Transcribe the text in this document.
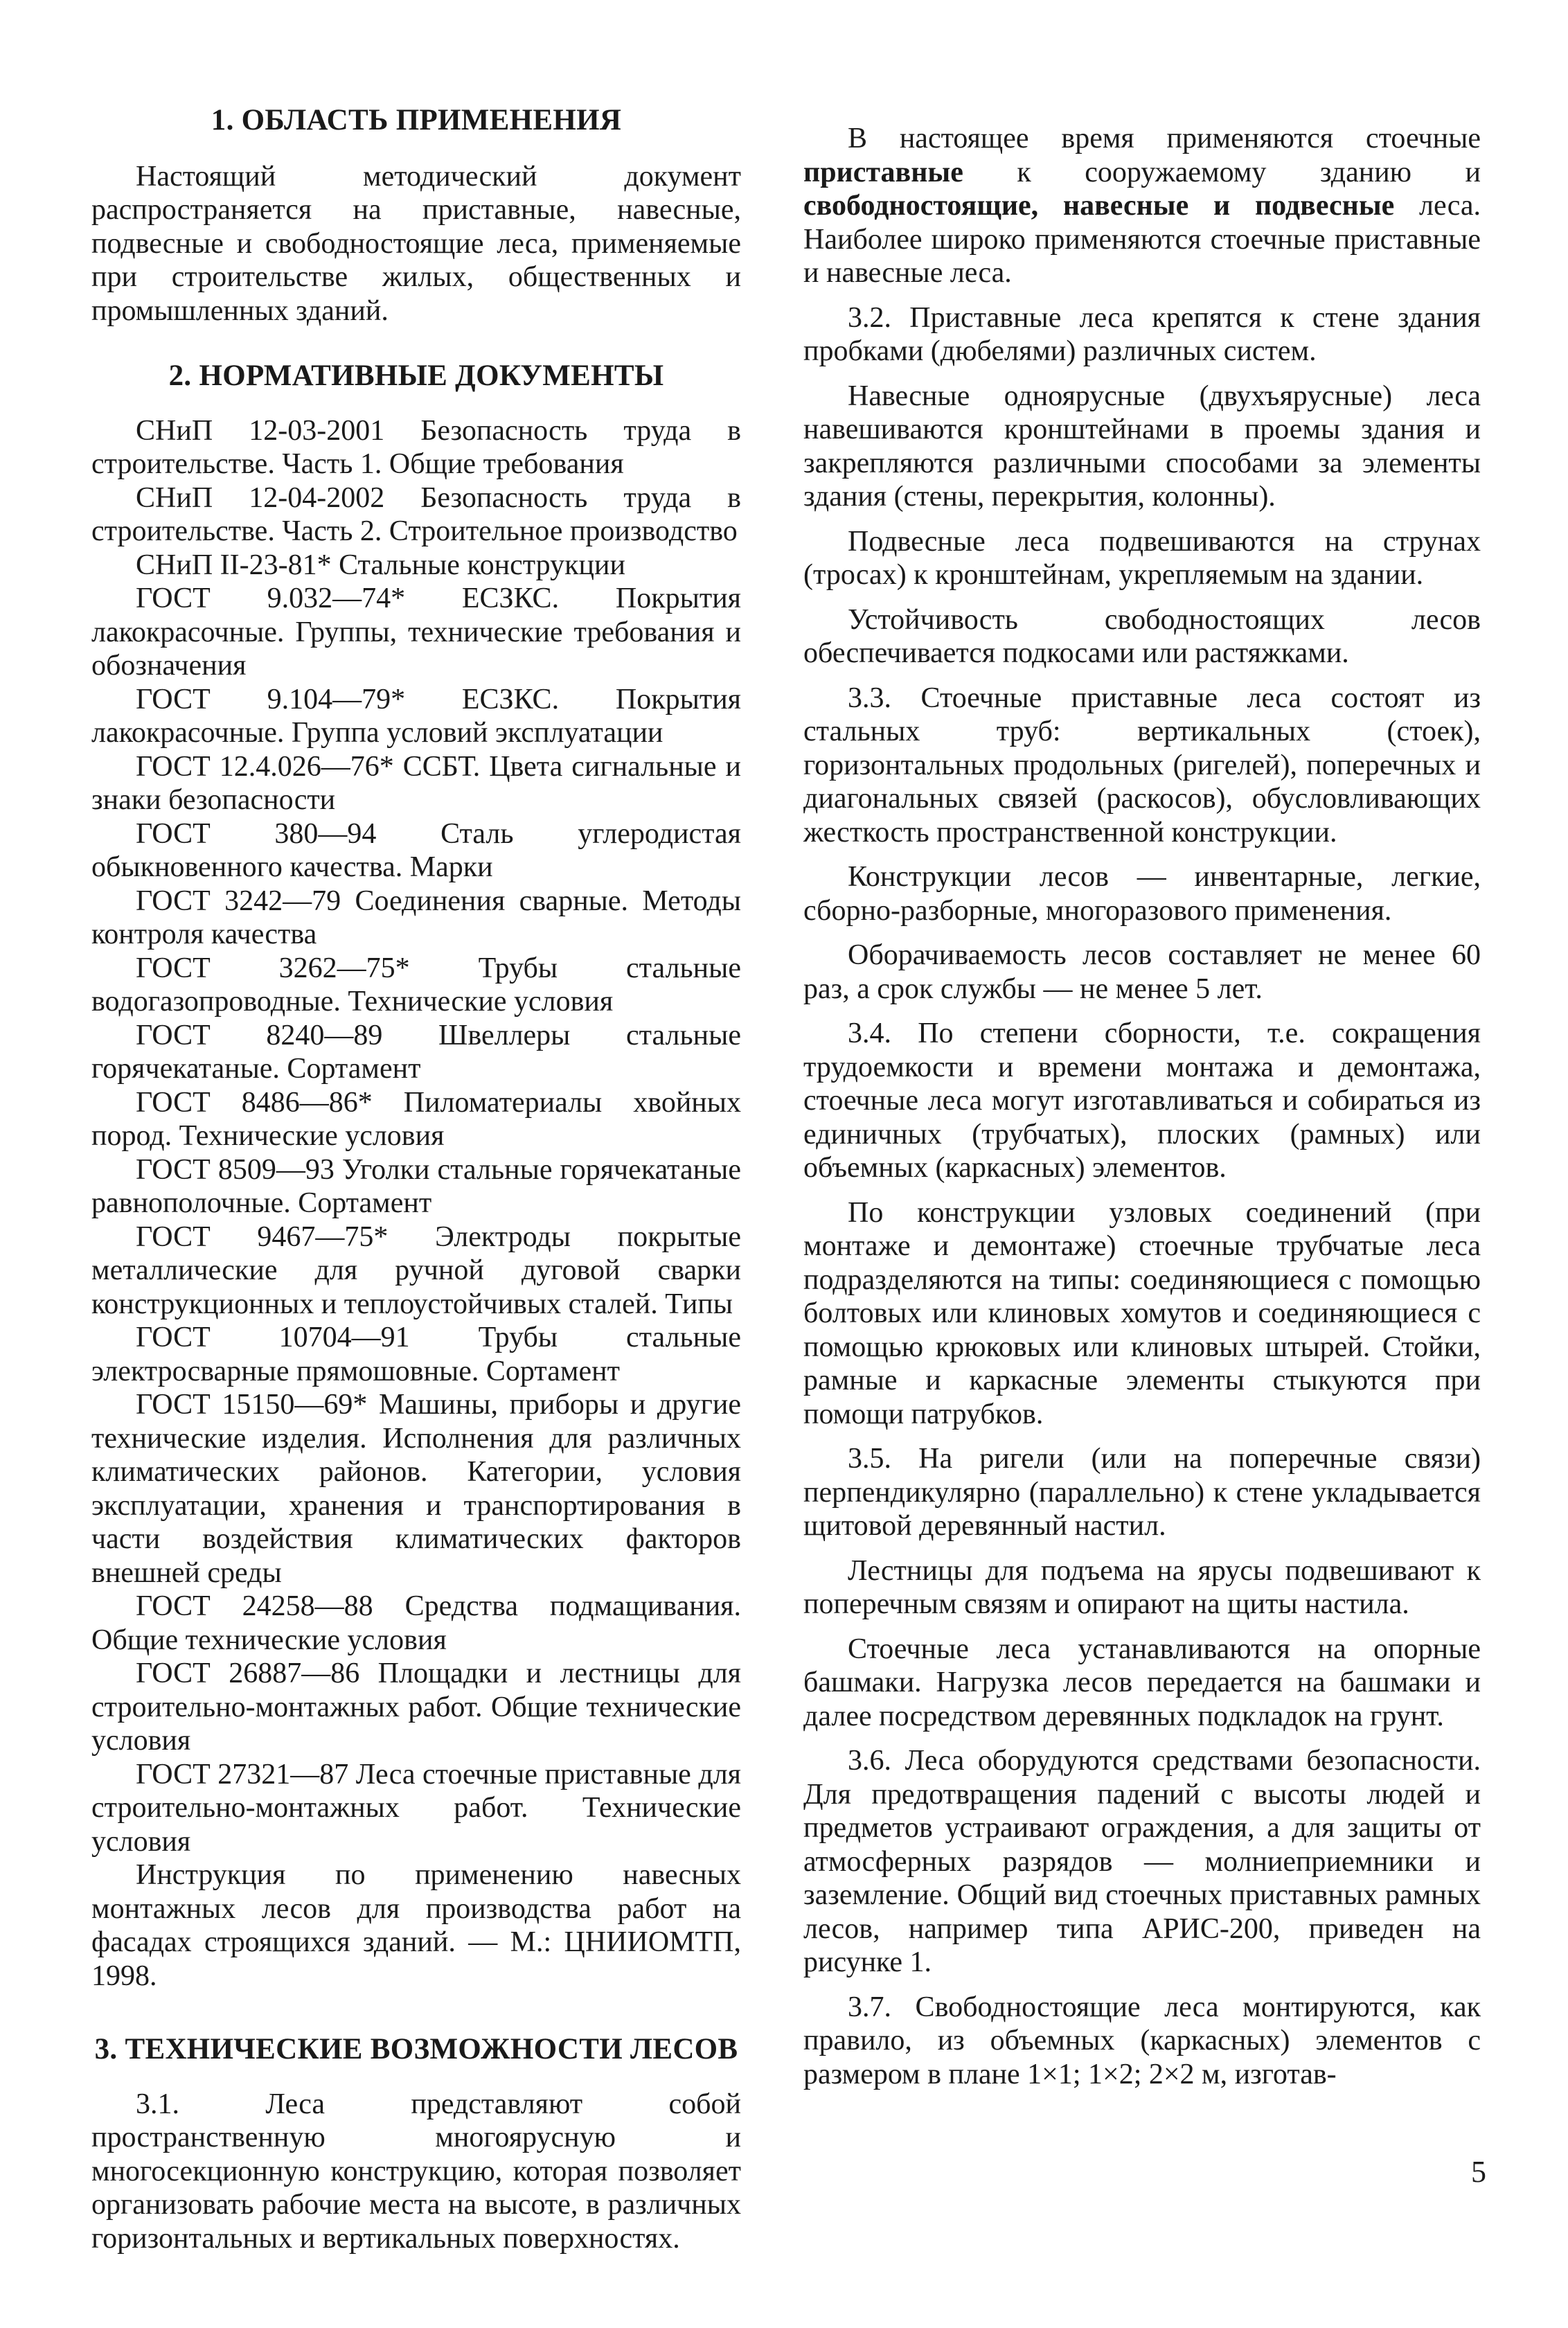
1. ОБЛАСТЬ ПРИМЕНЕНИЯ

Настоящий методический документ распространяется на приставные, навесные, подвесные и свободностоящие леса, применяемые при строительстве жилых, общественных и промышленных зданий.

2. НОРМАТИВНЫЕ ДОКУМЕНТЫ

СНиП 12-03-2001 Безопасность труда в строительстве. Часть 1. Общие требования

СНиП 12-04-2002 Безопасность труда в строительстве. Часть 2. Строительное производство

СНиП II-23-81* Стальные конструкции

ГОСТ 9.032—74* ЕСЗКС. Покрытия лакокрасочные. Группы, технические требования и обозначения

ГОСТ 9.104—79* ЕСЗКС. Покрытия лакокрасочные. Группа условий эксплуатации

ГОСТ 12.4.026—76* ССБТ. Цвета сигнальные и знаки безопасности

ГОСТ 380—94 Сталь углеродистая обыкновенного качества. Марки

ГОСТ 3242—79 Соединения сварные. Методы контроля качества

ГОСТ 3262—75* Трубы стальные водогазопроводные. Технические условия

ГОСТ 8240—89 Швеллеры стальные горячекатаные. Сортамент

ГОСТ 8486—86* Пиломатериалы хвойных пород. Технические условия

ГОСТ 8509—93 Уголки стальные горячекатаные равнополочные. Сортамент

ГОСТ 9467—75* Электроды покрытые металлические для ручной дуговой сварки конструкционных и теплоустойчивых сталей. Типы

ГОСТ 10704—91 Трубы стальные электросварные прямошовные. Сортамент

ГОСТ 15150—69* Машины, приборы и другие технические изделия. Исполнения для различных климатических районов. Категории, условия эксплуатации, хранения и транспортирования в части воздействия климатических факторов внешней среды

ГОСТ 24258—88 Средства подмащивания. Общие технические условия

ГОСТ 26887—86 Площадки и лестницы для строительно-монтажных работ. Общие технические условия

ГОСТ 27321—87 Леса стоечные приставные для строительно-монтажных работ. Технические условия

Инструкция по применению навесных монтажных лесов для производства работ на фасадах строящихся зданий. — М.: ЦНИИОМТП, 1998.

3. ТЕХНИЧЕСКИЕ ВОЗМОЖНОСТИ ЛЕСОВ

3.1. Леса представляют собой пространственную многоярусную и многосекционную конструкцию, которая позволяет организовать рабочие места на высоте, в различных горизонтальных и вертикальных поверхностях.

В настоящее время применяются стоечные приставные к сооружаемому зданию и свободностоящие, навесные и подвесные леса. Наиболее широко применяются стоечные приставные и навесные леса.

3.2. Приставные леса крепятся к стене здания пробками (дюбелями) различных систем.

Навесные одноярусные (двухъярусные) леса навешиваются кронштейнами в проемы здания и закрепляются различными способами за элементы здания (стены, перекрытия, колонны).

Подвесные леса подвешиваются на струнах (тросах) к кронштейнам, укрепляемым на здании.

Устойчивость свободностоящих лесов обеспечивается подкосами или растяжками.

3.3. Стоечные приставные леса состоят из стальных труб: вертикальных (стоек), горизонтальных продольных (ригелей), поперечных и диагональных связей (раскосов), обусловливающих жесткость пространственной конструкции.

Конструкции лесов — инвентарные, легкие, сборно-разборные, многоразового применения.

Оборачиваемость лесов составляет не менее 60 раз, а срок службы — не менее 5 лет.

3.4. По степени сборности, т.е. сокращения трудоемкости и времени монтажа и демонтажа, стоечные леса могут изготавливаться и собираться из единичных (трубчатых), плоских (рамных) или объемных (каркасных) элементов.

По конструкции узловых соединений (при монтаже и демонтаже) стоечные трубчатые леса подразделяются на типы: соединяющиеся с помощью болтовых или клиновых хомутов и соединяющиеся с помощью крюковых или клиновых штырей. Стойки, рамные и каркасные элементы стыкуются при помощи патрубков.

3.5. На ригели (или на поперечные связи) перпендикулярно (параллельно) к стене укладывается щитовой деревянный настил.

Лестницы для подъема на ярусы подвешивают к поперечным связям и опирают на щиты настила.

Стоечные леса устанавливаются на опорные башмаки. Нагрузка лесов передается на башмаки и далее посредством деревянных подкладок на грунт.

3.6. Леса оборудуются средствами безопасности. Для предотвращения падений с высоты людей и предметов устраивают ограждения, а для защиты от атмосферных разрядов — молниеприемники и заземление. Общий вид стоечных приставных рамных лесов, например типа АРИС-200, приведен на рисунке 1.

3.7. Свободностоящие леса монтируются, как правило, из объемных (каркасных) элементов с размером в плане 1×1; 1×2; 2×2 м, изготав-

5
